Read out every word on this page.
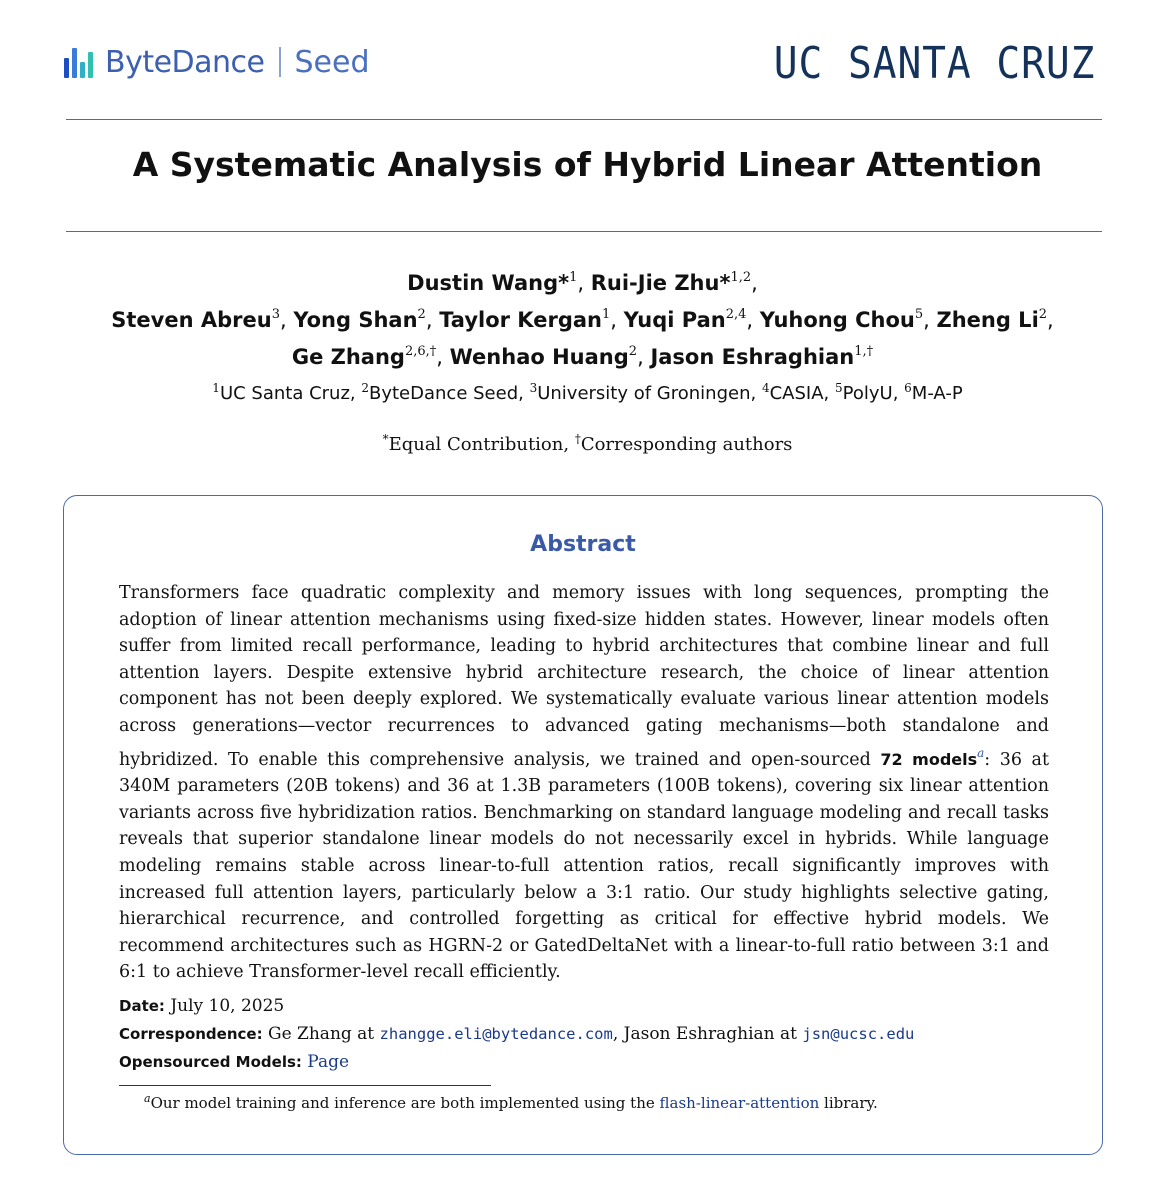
ByteDance Seed	UC SANTA CRUZ
A Systematic Analysis of Hybrid Linear Attention
Dustin Wang*$^1$, Rui-Jie Zhu*$^{1,2}$,
Steven Abreu$^3$, Yong Shan$^2$, Taylor Kergan$^1$, Yuqi Pan$^{2,4}$, Yuhong Chou$^5$, Zheng Li$^2$,
Ge Zhang$^{2,6,\dagger}$, Wenhao Huang$^2$, Jason Eshraghian$^{1,\dagger}$
$^1$UC Santa Cruz, $^2$ByteDance Seed, $^3$University of Groningen, $^4$CASIA, $^5$PolyU, $^6$M-A-P
*Equal Contribution, †Corresponding authors
Abstract
Transformers face quadratic complexity and memory issues with long sequences, prompting the adoption of linear attention mechanisms using fixed-size hidden states. However, linear models often suffer from limited recall performance, leading to hybrid architectures that combine linear and full attention layers. Despite extensive hybrid architecture research, the choice of linear attention component has not been deeply explored. We systematically evaluate various linear attention models across generations—vector recurrences to advanced gating mechanisms—both standalone and hybridized. To enable this comprehensive analysis, we trained and open-sourced 72 models$^a$: 36 at 340M parameters (20B tokens) and 36 at 1.3B parameters (100B tokens), covering six linear attention variants across five hybridization ratios. Benchmarking on standard language modeling and recall tasks reveals that superior standalone linear models do not necessarily excel in hybrids. While language modeling remains stable across linear-to-full attention ratios, recall significantly improves with increased full attention layers, particularly below a 3:1 ratio. Our study highlights selective gating, hierarchical recurrence, and controlled forgetting as critical for effective hybrid models. We recommend architectures such as HGRN-2 or GatedDeltaNet with a linear-to-full ratio between 3:1 and 6:1 to achieve Transformer-level recall efficiently.
Date: July 10, 2025
Correspondence: Ge Zhang at zhangge.eli@bytedance.com, Jason Eshraghian at jsn@ucsc.edu
Opensourced Models: Page
$^a$Our model training and inference are both implemented using the flash-linear-attention library.
